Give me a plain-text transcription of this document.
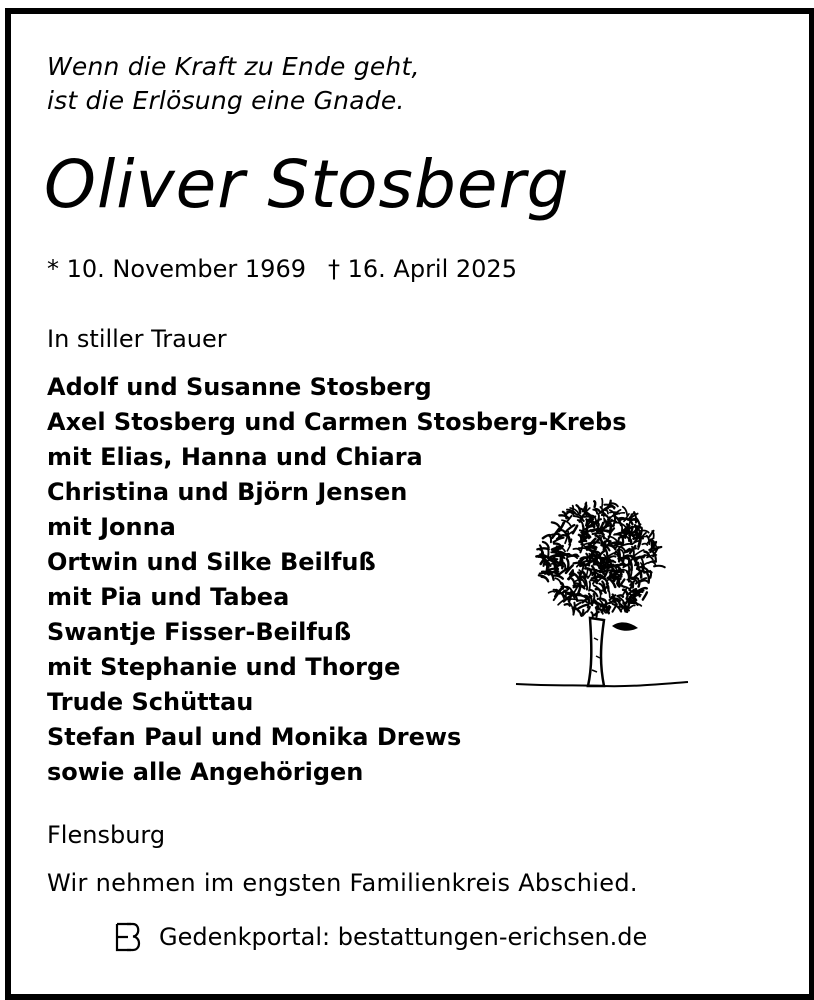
Wenn die Kraft zu Ende geht,
ist die Erlösung eine Gnade.
Oliver Stosberg
* 10. November 1969 † 16. April 2025
In stiller Trauer
Adolf und Susanne Stosberg
Axel Stosberg und Carmen Stosberg-Krebs
mit Elias, Hanna und Chiara
Christina und Björn Jensen
mit Jonna
Ortwin und Silke Beilfuß
mit Pia und Tabea
Swantje Fisser-Beilfuß
mit Stephanie und Thorge
Trude Schüttau
Stefan Paul und Monika Drews
sowie alle Angehörigen
Flensburg
Wir nehmen im engsten Familienkreis Abschied.
Gedenkportal: bestattungen-erichsen.de
